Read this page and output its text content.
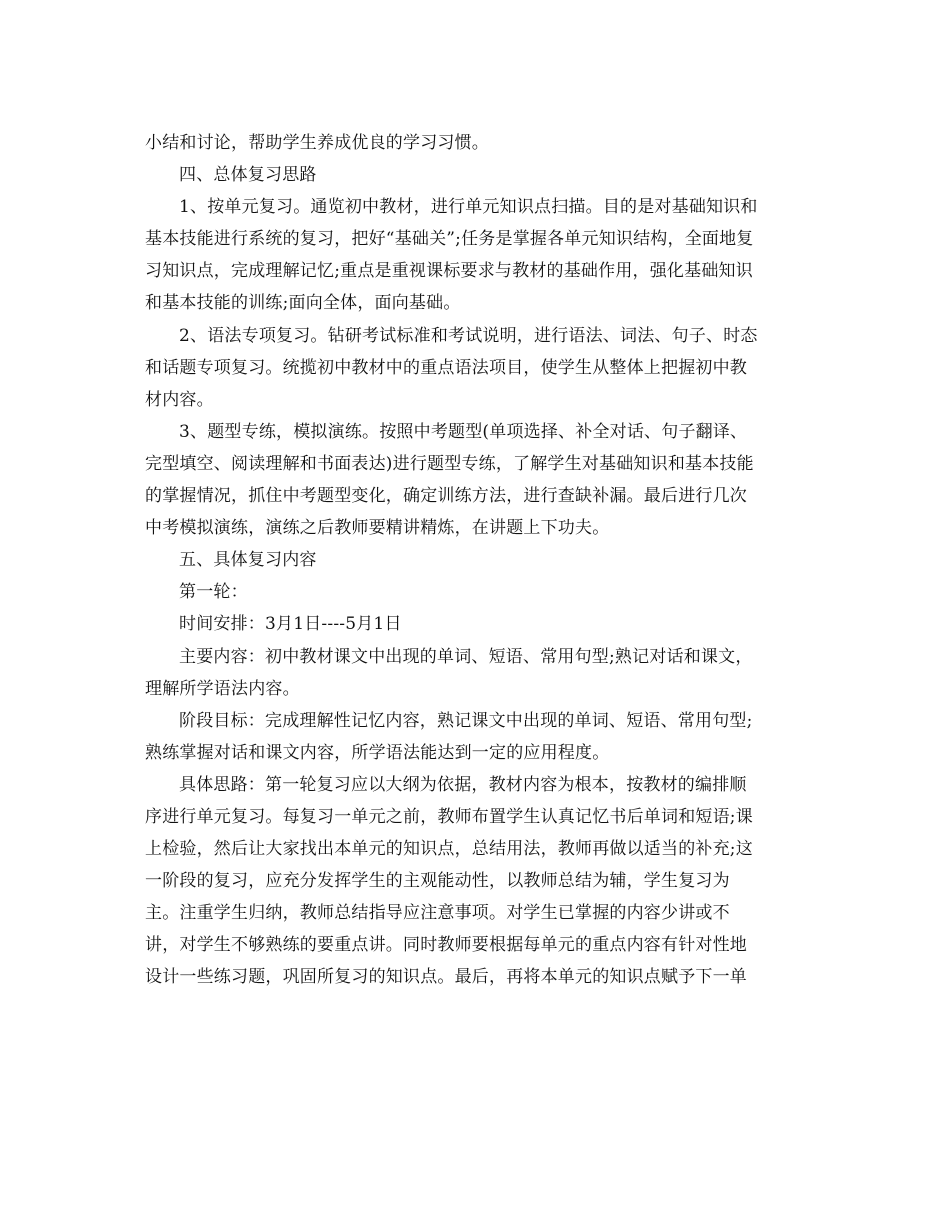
小结和讨论，帮助学生养成优良的学习习惯。
四、总体复习思路
1、按单元复习。通览初中教材，进行单元知识点扫描。目的是对基础知识和
基本技能进行系统的复习，把好“基础关”;任务是掌握各单元知识结构，全面地复
习知识点，完成理解记忆;重点是重视课标要求与教材的基础作用，强化基础知识
和基本技能的训练;面向全体，面向基础。
2、语法专项复习。钻研考试标准和考试说明，进行语法、词法、句子、时态
和话题专项复习。统揽初中教材中的重点语法项目，使学生从整体上把握初中教
材内容。
3、题型专练，模拟演练。按照中考题型(单项选择、补全对话、句子翻译、
完型填空、阅读理解和书面表达)进行题型专练，了解学生对基础知识和基本技能
的掌握情况，抓住中考题型变化，确定训练方法，进行查缺补漏。最后进行几次
中考模拟演练，演练之后教师要精讲精炼，在讲题上下功夫。
五、具体复习内容
第一轮：
时间安排：3月1日----5月1日
主要内容：初中教材课文中出现的单词、短语、常用句型;熟记对话和课文，
理解所学语法内容。
阶段目标：完成理解性记忆内容，熟记课文中出现的单词、短语、常用句型;
熟练掌握对话和课文内容，所学语法能达到一定的应用程度。
具体思路：第一轮复习应以大纲为依据，教材内容为根本，按教材的编排顺
序进行单元复习。每复习一单元之前，教师布置学生认真记忆书后单词和短语;课
上检验，然后让大家找出本单元的知识点，总结用法，教师再做以适当的补充;这
一阶段的复习，应充分发挥学生的主观能动性，以教师总结为辅，学生复习为
主。注重学生归纳，教师总结指导应注意事项。对学生已掌握的内容少讲或不
讲，对学生不够熟练的要重点讲。同时教师要根据每单元的重点内容有针对性地
设计一些练习题，巩固所复习的知识点。最后，再将本单元的知识点赋予下一单
